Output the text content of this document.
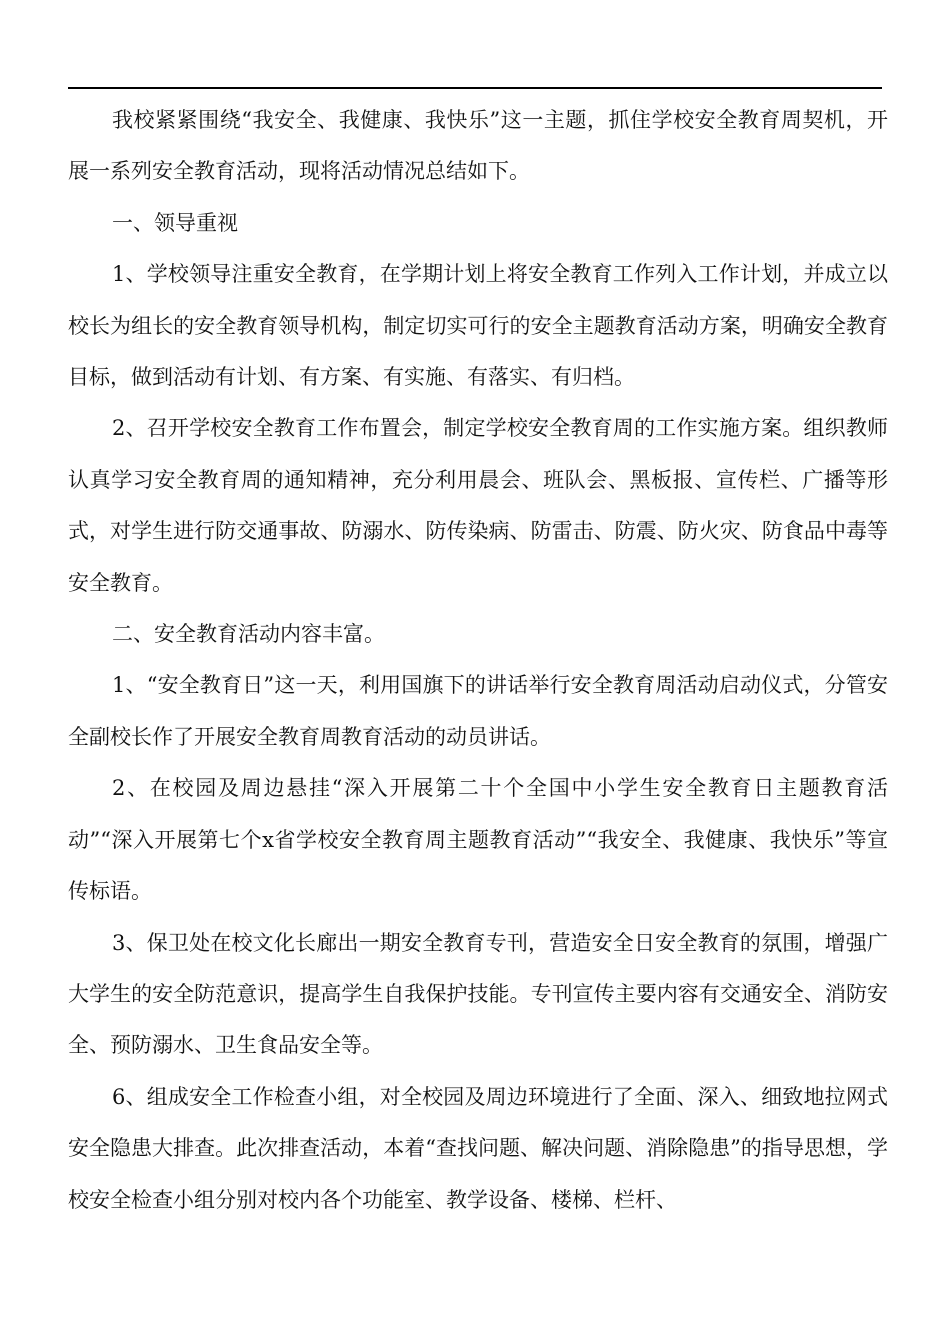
我校紧紧围绕“我安全、我健康、我快乐”这一主题，抓住学校安全教育周契机，开展一系列安全教育活动，现将活动情况总结如下。

一、领导重视

1、学校领导注重安全教育，在学期计划上将安全教育工作列入工作计划，并成立以校长为组长的安全教育领导机构，制定切实可行的安全主题教育活动方案，明确安全教育目标，做到活动有计划、有方案、有实施、有落实、有归档。

2、召开学校安全教育工作布置会，制定学校安全教育周的工作实施方案。组织教师认真学习安全教育周的通知精神，充分利用晨会、班队会、黑板报、宣传栏、广播等形式，对学生进行防交通事故、防溺水、防传染病、防雷击、防震、防火灾、防食品中毒等安全教育。

二、安全教育活动内容丰富。

1、“安全教育日”这一天，利用国旗下的讲话举行安全教育周活动启动仪式，分管安全副校长作了开展安全教育周教育活动的动员讲话。

2、在校园及周边悬挂“深入开展第二十个全国中小学生安全教育日主题教育活动”“深入开展第七个x省学校安全教育周主题教育活动”“我安全、我健康、我快乐”等宣传标语。

3、保卫处在校文化长廊出一期安全教育专刊，营造安全日安全教育的氛围，增强广大学生的安全防范意识，提高学生自我保护技能。专刊宣传主要内容有交通安全、消防安全、预防溺水、卫生食品安全等。

6、组成安全工作检查小组，对全校园及周边环境进行了全面、深入、细致地拉网式安全隐患大排查。此次排查活动，本着“查找问题、解决问题、消除隐患”的指导思想，学校安全检查小组分别对校内各个功能室、教学设备、楼梯、栏杆、
